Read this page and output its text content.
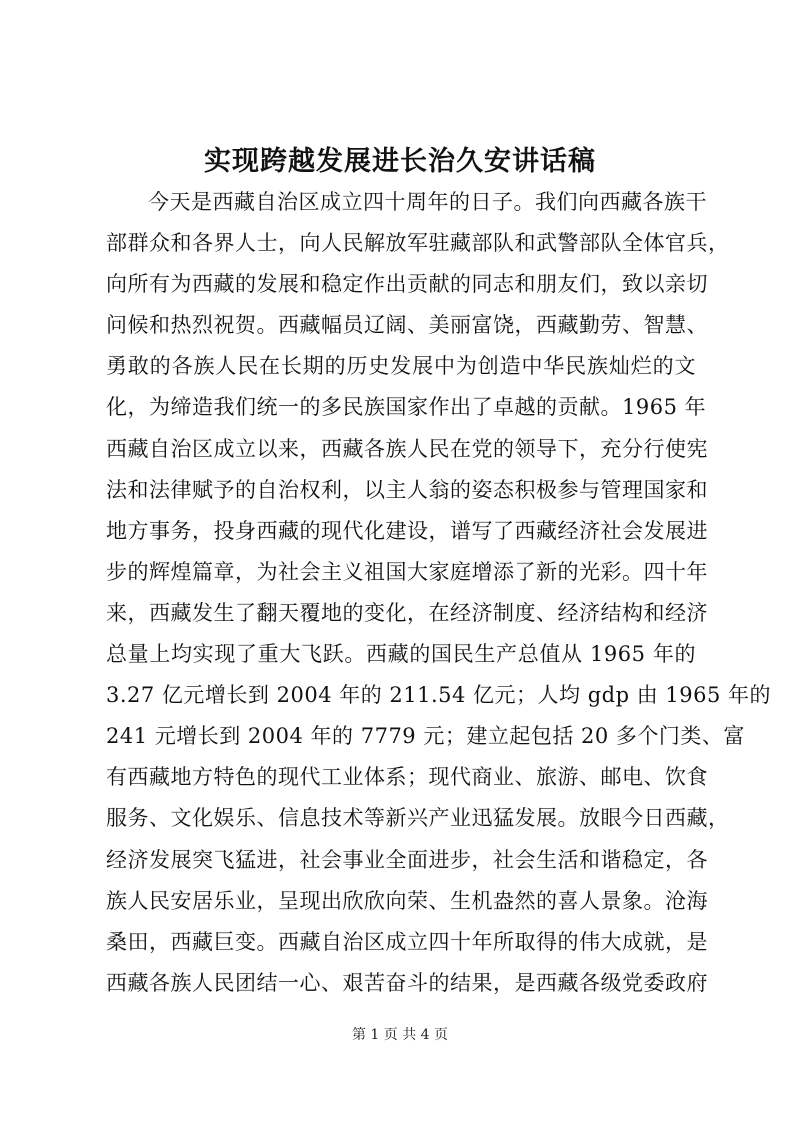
实现跨越发展进长治久安讲话稿
今天是西藏自治区成立四十周年的日子。我们向西藏各族干
部群众和各界人士，向人民解放军驻藏部队和武警部队全体官兵，
向所有为西藏的发展和稳定作出贡献的同志和朋友们，致以亲切
问候和热烈祝贺。西藏幅员辽阔、美丽富饶，西藏勤劳、智慧、
勇敢的各族人民在长期的历史发展中为创造中华民族灿烂的文
化，为缔造我们统一的多民族国家作出了卓越的贡献。1965 年
西藏自治区成立以来，西藏各族人民在党的领导下，充分行使宪
法和法律赋予的自治权利，以主人翁的姿态积极参与管理国家和
地方事务，投身西藏的现代化建设，谱写了西藏经济社会发展进
步的辉煌篇章，为社会主义祖国大家庭增添了新的光彩。四十年
来，西藏发生了翻天覆地的变化，在经济制度、经济结构和经济
总量上均实现了重大飞跃。西藏的国民生产总值从 1965 年的
3.27 亿元增长到 2004 年的 211.54 亿元；人均 gdp 由 1965 年的
241 元增长到 2004 年的 7779 元；建立起包括 20 多个门类、富
有西藏地方特色的现代工业体系；现代商业、旅游、邮电、饮食
服务、文化娱乐、信息技术等新兴产业迅猛发展。放眼今日西藏，
经济发展突飞猛进，社会事业全面进步，社会生活和谐稳定，各
族人民安居乐业，呈现出欣欣向荣、生机盎然的喜人景象。沧海
桑田，西藏巨变。西藏自治区成立四十年所取得的伟大成就，是
西藏各族人民团结一心、艰苦奋斗的结果，是西藏各级党委政府
第 1 页 共 4 页
